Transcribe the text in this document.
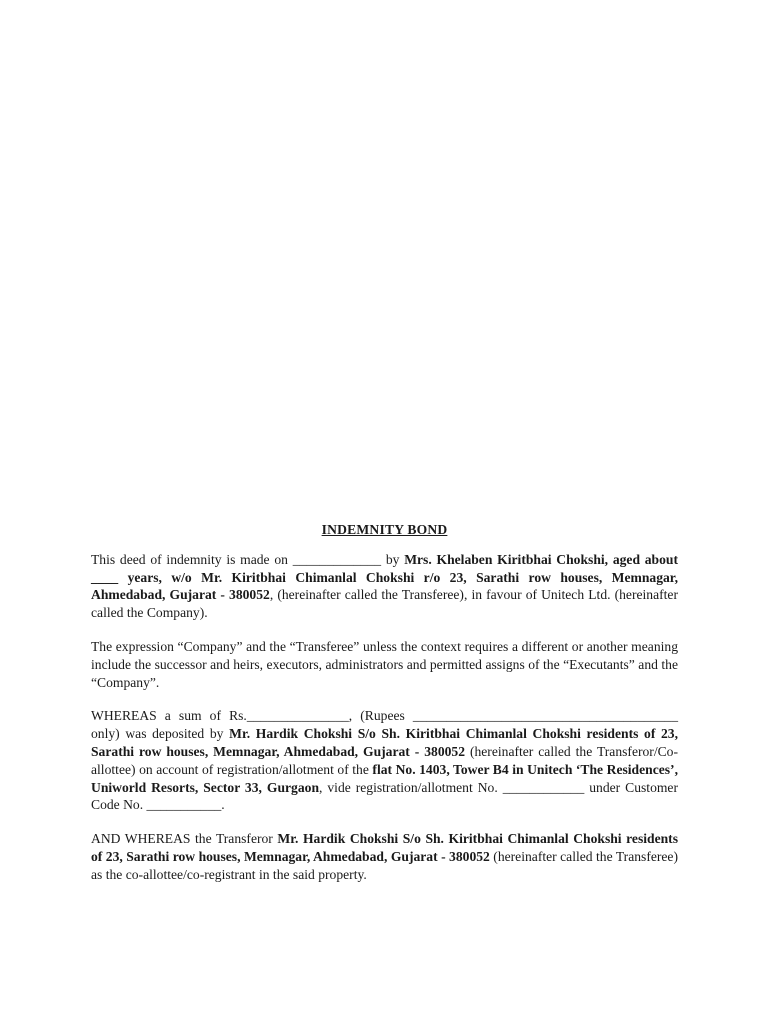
INDEMNITY BOND

This deed of indemnity is made on _____________ by Mrs. Khelaben Kiritbhai Chokshi, aged about ____ years, w/o Mr. Kiritbhai Chimanlal Chokshi r/o 23, Sarathi row houses, Memnagar, Ahmedabad, Gujarat - 380052, (hereinafter called the Transferee), in favour of Unitech Ltd. (hereinafter called the Company).

The expression “Company” and the “Transferee” unless the context requires a different or another meaning include the successor and heirs, executors, administrators and permitted assigns of the “Executants” and the “Company”.

WHEREAS a sum of Rs._______________, (Rupees _______________________________________ only) was deposited by Mr. Hardik Chokshi S/o Sh. Kiritbhai Chimanlal Chokshi residents of 23, Sarathi row houses, Memnagar, Ahmedabad, Gujarat - 380052 (hereinafter called the Transferor/Co-allottee) on account of registration/allotment of the flat No. 1403, Tower B4 in Unitech ‘The Residences’, Uniworld Resorts, Sector 33, Gurgaon, vide registration/allotment No. ____________ under Customer Code No. ___________.

AND WHEREAS the Transferor Mr. Hardik Chokshi S/o Sh. Kiritbhai Chimanlal Chokshi residents of 23, Sarathi row houses, Memnagar, Ahmedabad, Gujarat - 380052 (hereinafter called the Transferee) as the co-allottee/co-registrant in the said property.
